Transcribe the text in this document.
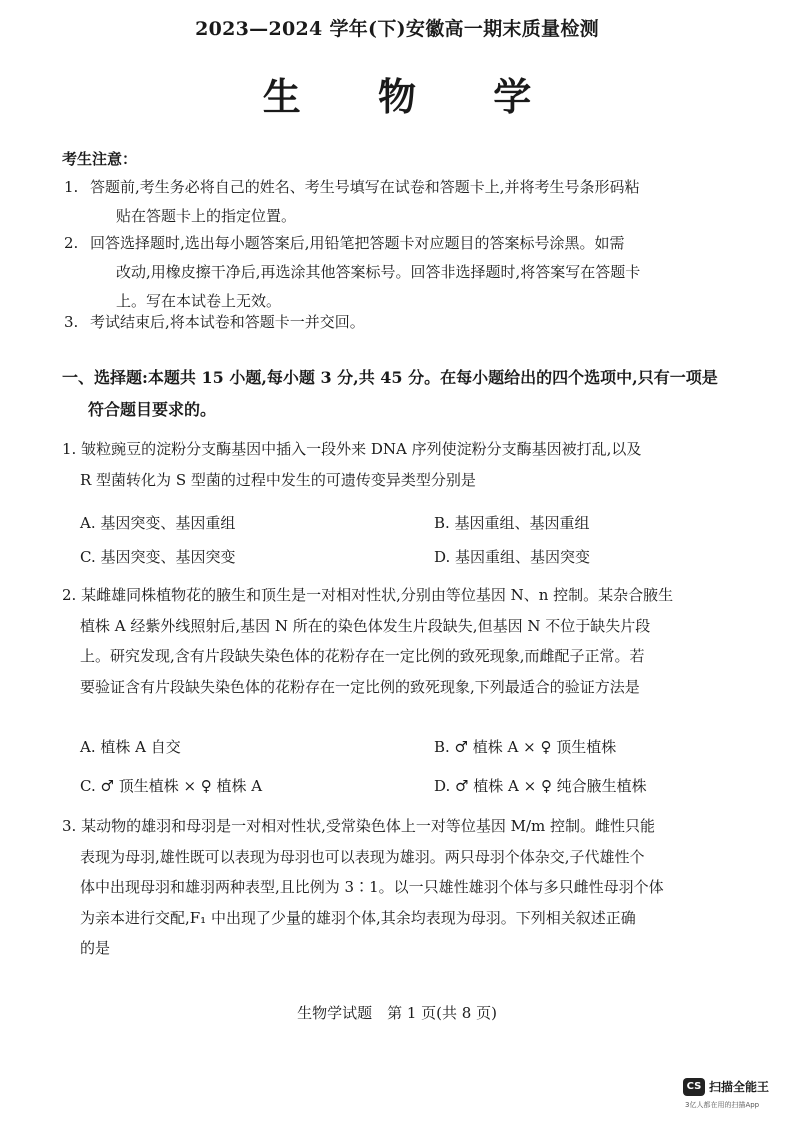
2023—2024 学年(下)安徽高一期末质量检测
生 物 学
考生注意：
1. 答题前,考生务必将自己的姓名、考生号填写在试卷和答题卡上,并将考生号条形码粘
贴在答题卡上的指定位置。
2. 回答选择题时,选出每小题答案后,用铅笔把答题卡对应题目的答案标号涂黑。如需
改动,用橡皮擦干净后,再选涂其他答案标号。回答非选择题时,将答案写在答题卡
上。写在本试卷上无效。
3. 考试结束后,将本试卷和答题卡一并交回。
一、选择题:本题共 15 小题,每小题 3 分,共 45 分。在每小题给出的四个选项中,只有一项是
符合题目要求的。
1. 皱粒豌豆的淀粉分支酶基因中插入一段外来 DNA 序列使淀粉分支酶基因被打乱,以及
R 型菌转化为 S 型菌的过程中发生的可遗传变异类型分别是
A. 基因突变、基因重组	B. 基因重组、基因重组
C. 基因突变、基因突变	D. 基因重组、基因突变
2. 某雌雄同株植物花的腋生和顶生是一对相对性状,分别由等位基因 N、n 控制。某杂合腋生
植株 A 经紫外线照射后,基因 N 所在的染色体发生片段缺失,但基因 N 不位于缺失片段
上。研究发现,含有片段缺失染色体的花粉存在一定比例的致死现象,而雌配子正常。若
要验证含有片段缺失染色体的花粉存在一定比例的致死现象,下列最适合的验证方法是
A. 植株 A 自交	B. ♂ 植株 A × ♀ 顶生植株
C. ♂ 顶生植株 × ♀ 植株 A	D. ♂ 植株 A × ♀ 纯合腋生植株
3. 某动物的雄羽和母羽是一对相对性状,受常染色体上一对等位基因 M/m 控制。雌性只能
表现为母羽,雄性既可以表现为母羽也可以表现为雄羽。两只母羽个体杂交,子代雄性个
体中出现母羽和雄羽两种表型,且比例为 3∶1。以一只雄性雄羽个体与多只雌性母羽个体
为亲本进行交配,F₁ 中出现了少量的雄羽个体,其余均表现为母羽。下列相关叙述正确
的是
生物学试题　第 1 页(共 8 页)
CS 扫描全能王
3亿人都在用的扫描App
